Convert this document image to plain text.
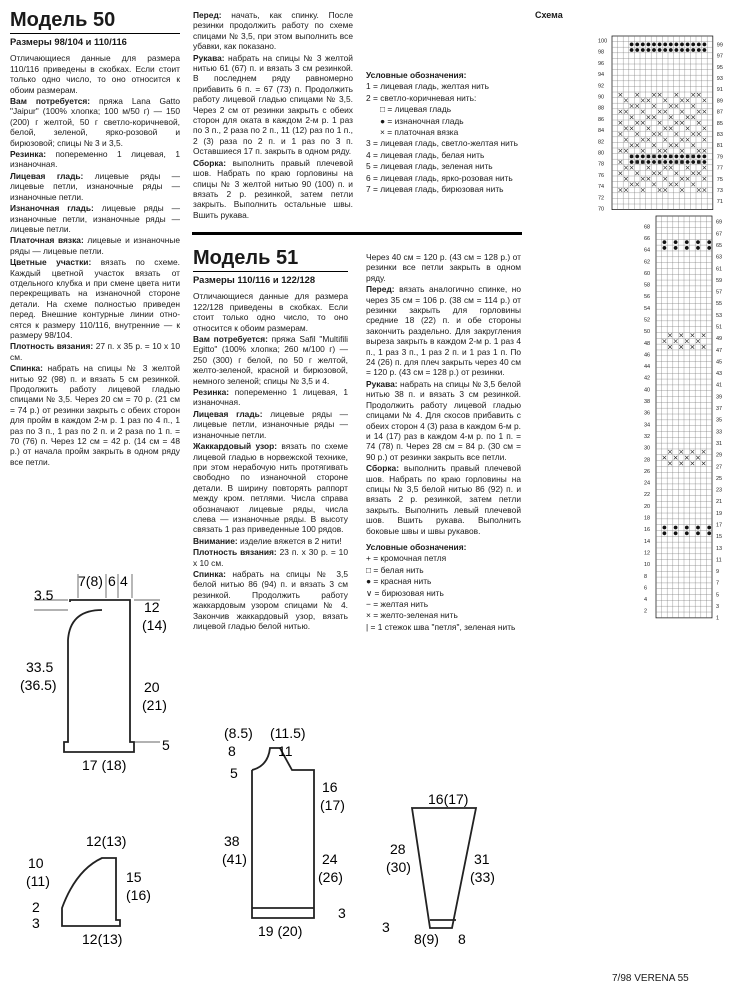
Модель 50
Размеры 98/104 и 110/116

Отличающиеся данные для размера 110/116 приведены в скобках. Если стоит только одно число, то оно относится к обоим размерам.

Вам потребуется: пряжа Lana Gatto "Jaipur" (100% хлопка; 100 м/50 г) — 150 (200) г желтой, 50 г светло-коричневой, белой, зеленой, ярко-розовой и бирюзовой; спицы № 3 и 3,5.

Резинка: попеременно 1 лицевая, 1 изнаночная.

Лицевая гладь: лицевые ряды — лицевые петли, изнаночные ряды — изнаночные петли.

Изнаночная гладь: лицевые ряды — изнаночные петли, изнаночные ряды — лицевые петли.

Платочная вязка: лицевые и изнаночные ряды — лицевые петли.

Цветные участки: вязать по схеме. Каждый цветной участок вязать от отдельного клубка и при смене цвета нити перекрещивать на изнаночной стороне детали. На схеме полностью приведен перед. Внешние контурные линии относятся к размеру 110/116, внутренние — к размеру 98/104.

Плотность вязания: 27 п. х 35 р. = 10 х 10 см.

Спинка: набрать на спицы № 3 желтой нитью 92 (98) п. и вязать 5 см резинкой. Продолжить работу лицевой гладью спицами № 3,5. Через 20 см = 70 р. (21 см = 74 р.) от резинки закрыть с обеих сторон для пройм в каждом 2-м р. 1 раз по 4 п., 1 раз по 3 п., 1 раз по 2 п. и 2 раза по 1 п. = 70 (76) п. Через 12 см = 42 р. (14 см = 48 р.) от начала пройм закрыть в одном ряду все петли.

7(8) 6 4
3.5
12
(14)
33.5
(36.5)	20
(21)
5
17 (18)
12(13)
10
(11)	15
(16)
2
3
12(13)

Перед: начать, как спинку. После резинки продолжить работу по схеме спицами № 3,5, при этом выполнить все убавки, как показано.

Рукава: набрать на спицы № 3 желтой нитью 61 (67) п. и вязать 3 см резинкой. В последнем ряду равномерно прибавить 6 п. = 67 (73) п. Продолжить работу лицевой гладью спицами № 3,5. Через 2 см от резинки закрыть с обеих сторон для оката в каждом 2-м р. 1 раз по 3 п., 2 раза по 2 п., 11 (12) раз по 1 п., 2 (3) раза по 2 п. и 1 раз по 3 п. Оставшиеся 17 п. закрыть в одном ряду.

Сборка: выполнить правый плечевой шов. Набрать по краю горловины на спицы № 3 желтой нитью 90 (100) п. и вязать 2 р. резинкой, затем петли закрыть. Выполнить остальные швы. Вшить рукава.

Условные обозначения:

1 = лицевая гладь, желтая нить

2 = светло-коричневая нить:

□ = лицевая гладь

● = изнаночная гладь

× = платочная вязка

3 = лицевая гладь, светло-желтая нить

4 = лицевая гладь, белая нить

5 = лицевая гладь, зеленая нить

6 = лицевая гладь, ярко-розовая нить

7 = лицевая гладь, бирюзовая нить

Модель 51
Размеры 110/116 и 122/128

Отличающиеся данные для размера 122/128 приведены в скобках. Если стоит только одно число, то оно относится к обоим размерам.

Вам потребуется: пряжа Safil "Multifili Egitto" (100% хлопка; 260 м/100 г) — 250 (300) г белой, по 50 г желтой, желто-зеленой, красной и бирюзовой, немного зеленой; спицы № 3,5 и 4.

Резинка: попеременно 1 лицевая, 1 изнаночная.

Лицевая гладь: лицевые ряды — лицевые петли, изнаночные ряды — изнаночные петли.

Жаккардовый узор: вязать по схеме лицевой гладью в норвежской технике, при этом нерабочую нить протягивать свободно по изнаночной стороне детали. В ширину повторять раппорт между кром. петлями. Числа справа обозначают лицевые ряды, числа слева — изнаночные ряды. В высоту связать 1 раз приведенные 100 рядов.

Внимание: изделие вяжется в 2 нити!

Плотность вязания: 23 п. х 30 р. = 10 х 10 см.

Спинка: набрать на спицы № 3,5 белой нитью 86 (94) п. и вязать 3 см резинкой. Продолжить работу жаккардовым узором спицами № 4. Закончив жаккардовый узор, вязать лицевой гладью белой нитью.

(8.5) (11.5)
8	11
5
16
(17)
38
(41)	24
(26)
3
19 (20)

Через 40 см = 120 р. (43 см = 128 р.) от резинки все петли закрыть в одном ряду.

Перед: вязать аналогично спинке, но через 35 см = 106 р. (38 см = 114 р.) от резинки закрыть для горловины средние 18 (22) п. и обе стороны закончить раздельно. Для закругления выреза закрыть в каждом 2-м р. 1 раз 4 п., 1 раз 3 п., 1 раз 2 п. и 1 раз 1 п. По 24 (26) п. для плеч закрыть через 40 см = 120 р. (43 см = 128 р.) от резинки.

Рукава: набрать на спицы № 3,5 белой нитью 38 п. и вязать 3 см резинкой. Продолжить работу лицевой гладью спицами № 4. Для скосов прибавить с обеих сторон 4 (3) раза в каждом 6-м р. и 14 (17) раз в каждом 4-м р. по 1 п. = 74 (78) п. Через 28 см = 84 р. (30 см = 90 р.) от резинки закрыть все петли.

Сборка: выполнить правый плечевой шов. Набрать по краю горловины на спицы № 3,5 белой нитью 86 (92) п. и вязать 2 р. резинкой, затем петли закрыть. Выполнить левый плечевой шов. Вшить рукава. Выполнить боковые швы и швы рукавов.

Условные обозначения:

+ = кромочная петля

□ = белая нить

● = красная нить

∨ = бирюзовая нить

− = желтая нить

× = желто-зеленая нить

| = 1 стежок шва "петля", зеленая нить

16(17)
28
(30)	31
(33)
3
8(9) 8
Схема
99
97
95
93
91
89
87
85
83
81
79
77
75
73
71
100
98
96
94
92
90
88
86
84
82
80
78
76
74
72
70
69
67
65
63
61
59
57
55
53
51
49
47
45
43
41
39
37
35
33
31
29
27
25
23
21
19
17
15
13
11
9
7
5
3
1
68
66
64
62
60
58
56
54
52
50
48
46
44
42
40
38
36
34
32
30
28
26
24
22
20
18
16
14
12
10
8
6
4
2
7/98 VERENA 55
